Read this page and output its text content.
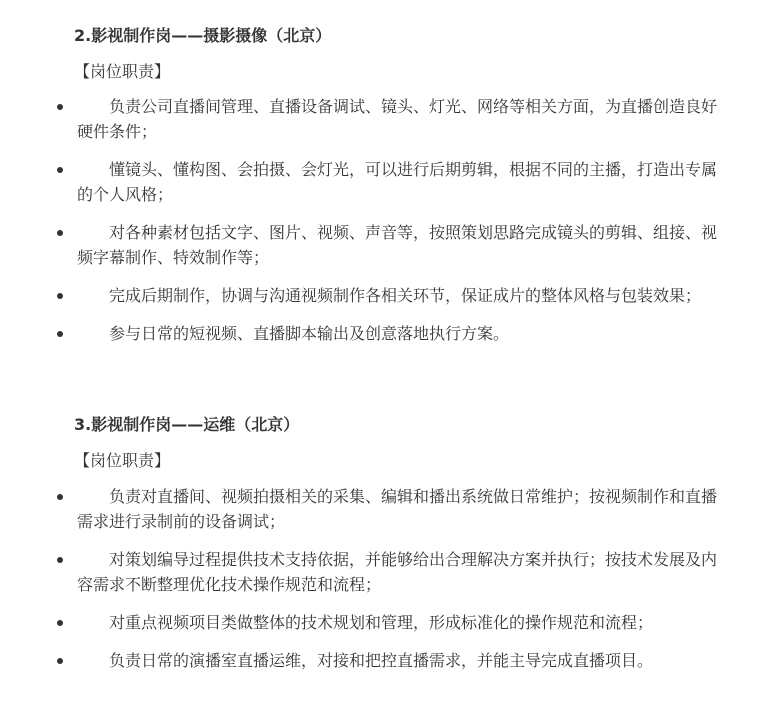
2.影视制作岗——摄影摄像（北京）

【岗位职责】

负责公司直播间管理、直播设备调试、镜头、灯光、网络等相关方面，为直播创造良好硬件条件；
懂镜头、懂构图、会拍摄、会灯光，可以进行后期剪辑，根据不同的主播，打造出专属的个人风格；
对各种素材包括文字、图片、视频、声音等，按照策划思路完成镜头的剪辑、组接、视频字幕制作、特效制作等；
完成后期制作，协调与沟通视频制作各相关环节，保证成片的整体风格与包装效果；
参与日常的短视频、直播脚本输出及创意落地执行方案。
3.影视制作岗——运维（北京）

【岗位职责】

负责对直播间、视频拍摄相关的采集、编辑和播出系统做日常维护；按视频制作和直播需求进行录制前的设备调试；
对策划编导过程提供技术支持依据，并能够给出合理解决方案并执行；按技术发展及内容需求不断整理优化技术操作规范和流程；
对重点视频项目类做整体的技术规划和管理，形成标准化的操作规范和流程；
负责日常的演播室直播运维，对接和把控直播需求，并能主导完成直播项目。
